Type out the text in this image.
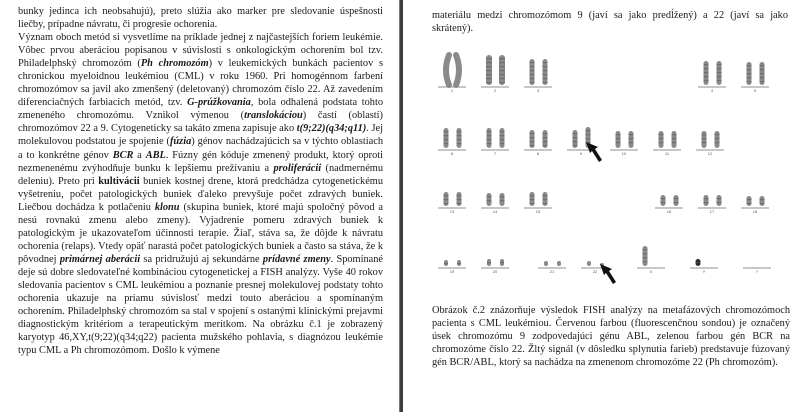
bunky jedinca ich neobsahujú), preto slúžia ako marker pre sledovanie úspešnosti liečby, prípadne návratu, či progresie ochorenia.

Význam oboch metód si vysvetlíme na príklade jednej z najčastejších foriem leukémie. Vôbec prvou aberáciou popisanou v súvislosti s onkologickým ochorením bol tzv. Philadelphský chromozóm (Ph chromozóm) v leukemických bunkách pacientov s chronickou myeloidnou leukémiou (CML) v roku 1960. Pri homogénnom farbení chromozómov sa javil ako zmenšený (deletovaný) chromozóm číslo 22. Až zavedením diferenciačných farbiacich metód, tzv. G-prúžkovania, bola odhalená podstata tohto zmeneného chromozómu. Vznikol výmenou (translokáciou) častí (oblastí) chromozómov 22 a 9. Cytogeneticky sa takáto zmena zapisuje ako t(9;22)(q34;q11). Jej molekulovou podstatou je spojenie (fúzia) génov nachádzajúcich sa v týchto oblastiach a to konkrétne génov BCR a ABL. Fúzny gén kóduje zmenený produkt, ktorý oproti nezmenenému zvýhodňuje bunku k lepšiemu prežívaniu a proliferácii (nadmernému deleniu). Preto pri kultivácii buniek kostnej drene, ktorá predchádza cytogenetickému vyšetreniu, počet patologických buniek ďaleko prevyšuje počet zdravých buniek. Liečbou dochádza k potlačeniu klonu (skupina buniek, ktoré majú spoločný pôvod a nesú rovnakú zmenu alebo zmeny). Vyjadrenie pomeru zdravých buniek k patologickým je ukazovateľom účinnosti terapie. Žiaľ, stáva sa, že dôjde k návratu ochorenia (relaps). Vtedy opäť narastá počet patologických buniek a často sa stáva, že k pôvodnej primárnej aberácii sa pridružujú aj sekundárne prídavné zmeny. Spomínané deje sú dobre sledovateľné kombináciou cytogenetickej a FISH analýzy. Vyše 40 rokov sledovania pacientov s CML leukémiou a poznanie presnej molekulovej podstaty tohto ochorenia ukazuje na priamu súvislosť medzi touto aberáciou a spomínaným ochorením. Philadelphský chromozóm sa stal v spojení s ostanými klinickými prejavmi diagnostickým kritériom a terapeutickým merítkom. Na obrázku č.1 je zobrazený karyotyp 46,XY,t(9;22)(q34;q22) pacienta mužského pohlavia, s diagnózou leukémie typu CML a Ph chromozómom. Došlo k výmene

materiálu medzi chromozómom 9 (javí sa jako predĺžený) a 22 (javí sa jako skrátený).

1	2	3	4	5
6	7	8	9	10	11	12
13	14	15	16	17	18
19	20	21	22	X	Y	?

Obrázok č.2 znázorňuje výsledok FISH analýzy na metafázových chromozómoch pacienta s CML leukémiou. Červenou farbou (fluorescenčnou sondou) je označený úsek chromozómu 9 zodpovedajúci génu ABL, zelenou farbou gén BCR na chromozóme číslo 22. Žltý signál (v dôsledku splynutia farieb) predstavuje fúzovaný gén BCR/ABL, ktorý sa nachádza na zmenenom chromozóme 22 (Ph chromozóm).
